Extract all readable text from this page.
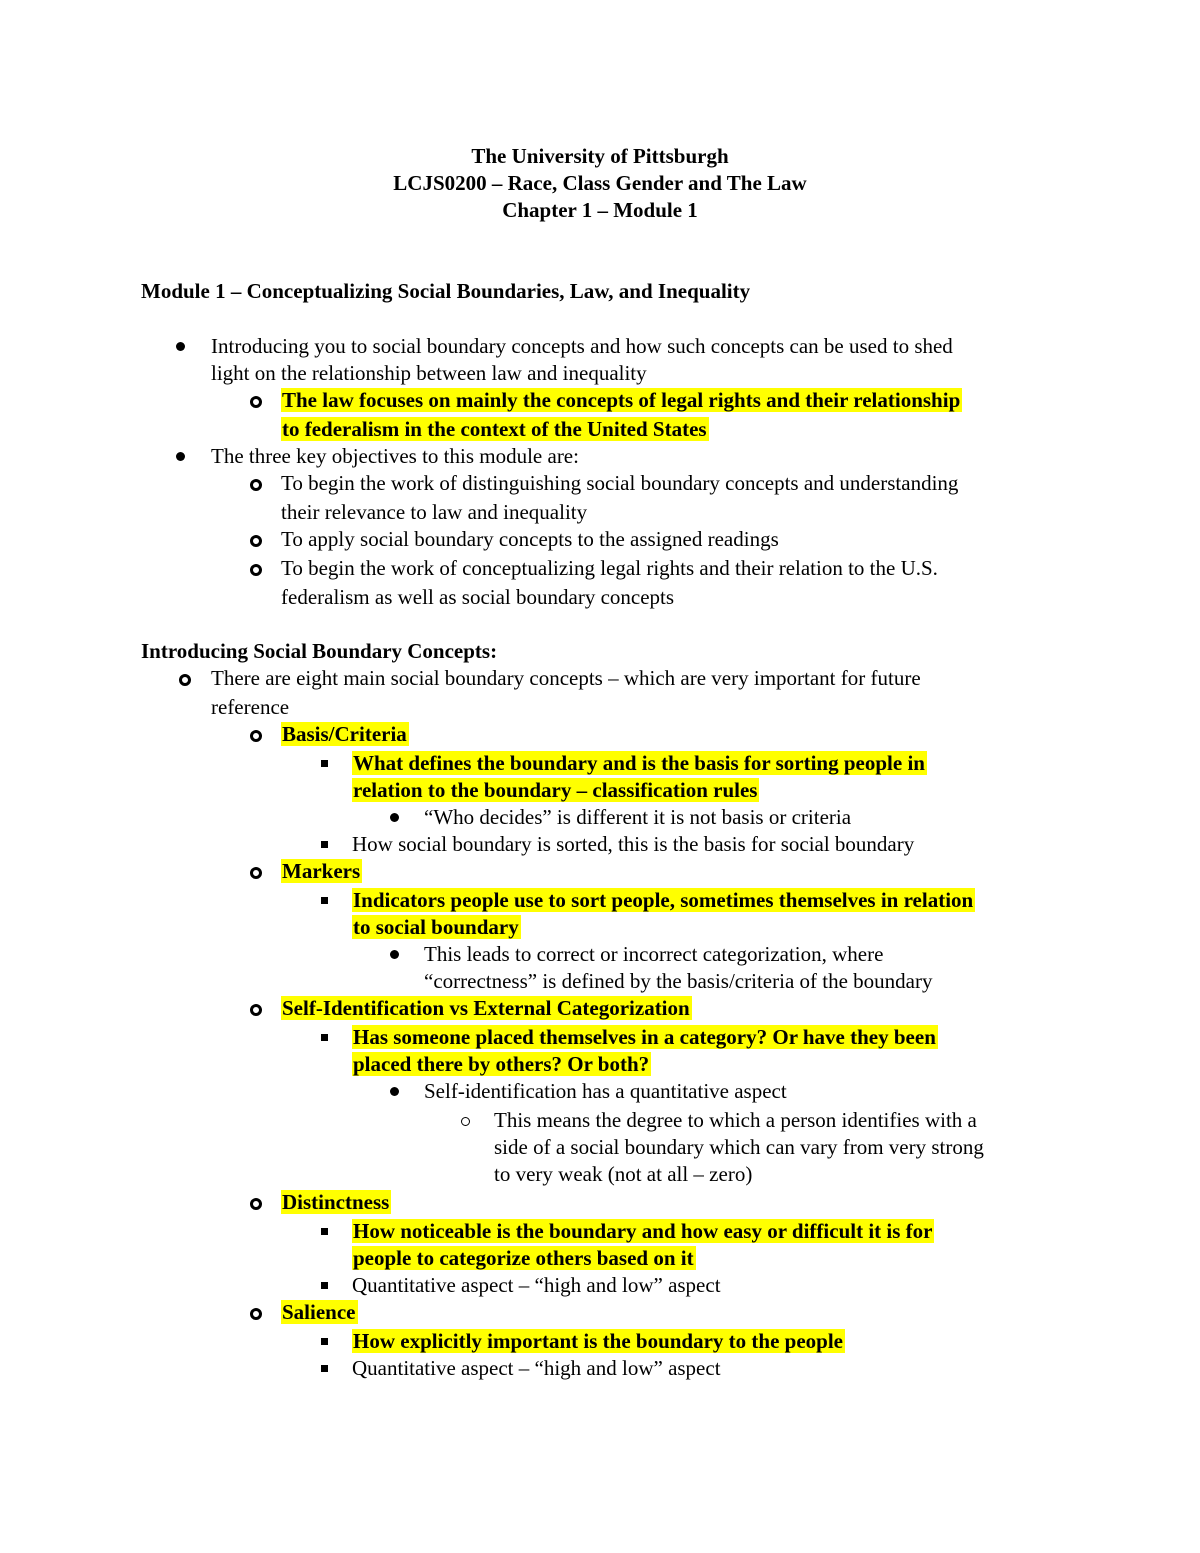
The University of Pittsburgh
LCJS0200 – Race, Class Gender and The Law
Chapter 1 – Module 1
Module 1 – Conceptualizing Social Boundaries, Law, and Inequality
Introducing you to social boundary concepts and how such concepts can be used to shed
light on the relationship between law and inequality
The law focuses on mainly the concepts of legal rights and their relationship
to federalism in the context of the United States
The three key objectives to this module are:
To begin the work of distinguishing social boundary concepts and understanding
their relevance to law and inequality
To apply social boundary concepts to the assigned readings
To begin the work of conceptualizing legal rights and their relation to the U.S.
federalism as well as social boundary concepts
Introducing Social Boundary Concepts:
There are eight main social boundary concepts – which are very important for future
reference
Basis/Criteria
What defines the boundary and is the basis for sorting people in
relation to the boundary – classification rules
“Who decides” is different it is not basis or criteria
How social boundary is sorted, this is the basis for social boundary
Markers
Indicators people use to sort people, sometimes themselves in relation
to social boundary
This leads to correct or incorrect categorization, where
“correctness” is defined by the basis/criteria of the boundary
Self-Identification vs External Categorization
Has someone placed themselves in a category? Or have they been
placed there by others? Or both?
Self-identification has a quantitative aspect
This means the degree to which a person identifies with a
side of a social boundary which can vary from very strong
to very weak (not at all – zero)
Distinctness
How noticeable is the boundary and how easy or difficult it is for
people to categorize others based on it
Quantitative aspect – “high and low” aspect
Salience
How explicitly important is the boundary to the people
Quantitative aspect – “high and low” aspect
